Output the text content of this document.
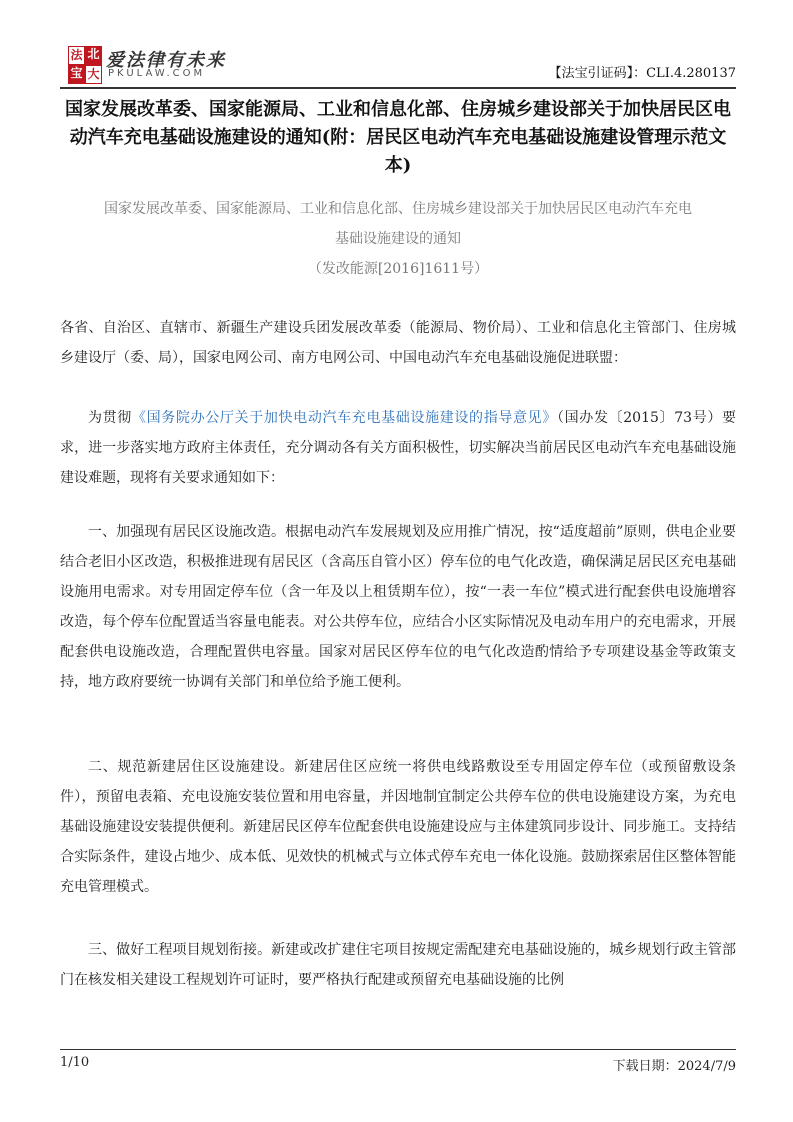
法 北
宝 大
爱法律有未来
PKULAW.COM	【法宝引证码】：CLI.4.280137
国家发展改革委、国家能源局、工业和信息化部、住房城乡建设部关于加快居民区电动汽车充电基础设施建设的通知(附：居民区电动汽车充电基础设施建设管理示范文本)
国家发展改革委、国家能源局、工业和信息化部、住房城乡建设部关于加快居民区电动汽车充电
基础设施建设的通知
（发改能源[2016]1611号）

各省、自治区、直辖市、新疆生产建设兵团发展改革委（能源局、物价局）、工业和信息化主管部门、住房城乡建设厅（委、局），国家电网公司、南方电网公司、中国电动汽车充电基础设施促进联盟：

为贯彻《国务院办公厅关于加快电动汽车充电基础设施建设的指导意见》（国办发〔2015〕73号）要求，进一步落实地方政府主体责任，充分调动各有关方面积极性，切实解决当前居民区电动汽车充电基础设施建设难题，现将有关要求通知如下：

一、加强现有居民区设施改造。根据电动汽车发展规划及应用推广情况，按“适度超前”原则，供电企业要结合老旧小区改造，积极推进现有居民区（含高压自管小区）停车位的电气化改造，确保满足居民区充电基础设施用电需求。对专用固定停车位（含一年及以上租赁期车位），按“一表一车位”模式进行配套供电设施增容改造，每个停车位配置适当容量电能表。对公共停车位，应结合小区实际情况及电动车用户的充电需求，开展配套供电设施改造，合理配置供电容量。国家对居民区停车位的电气化改造酌情给予专项建设基金等政策支持，地方政府要统一协调有关部门和单位给予施工便利。

二、规范新建居住区设施建设。新建居住区应统一将供电线路敷设至专用固定停车位（或预留敷设条件），预留电表箱、充电设施安装位置和用电容量，并因地制宜制定公共停车位的供电设施建设方案，为充电基础设施建设安装提供便利。新建居民区停车位配套供电设施建设应与主体建筑同步设计、同步施工。支持结合实际条件，建设占地少、成本低、见效快的机械式与立体式停车充电一体化设施。鼓励探索居住区整体智能充电管理模式。

三、做好工程项目规划衔接。新建或改扩建住宅项目按规定需配建充电基础设施的，城乡规划行政主管部门在核发相关建设工程规划许可证时，要严格执行配建或预留充电基础设施的比例

1/10	下载日期：2024/7/9
